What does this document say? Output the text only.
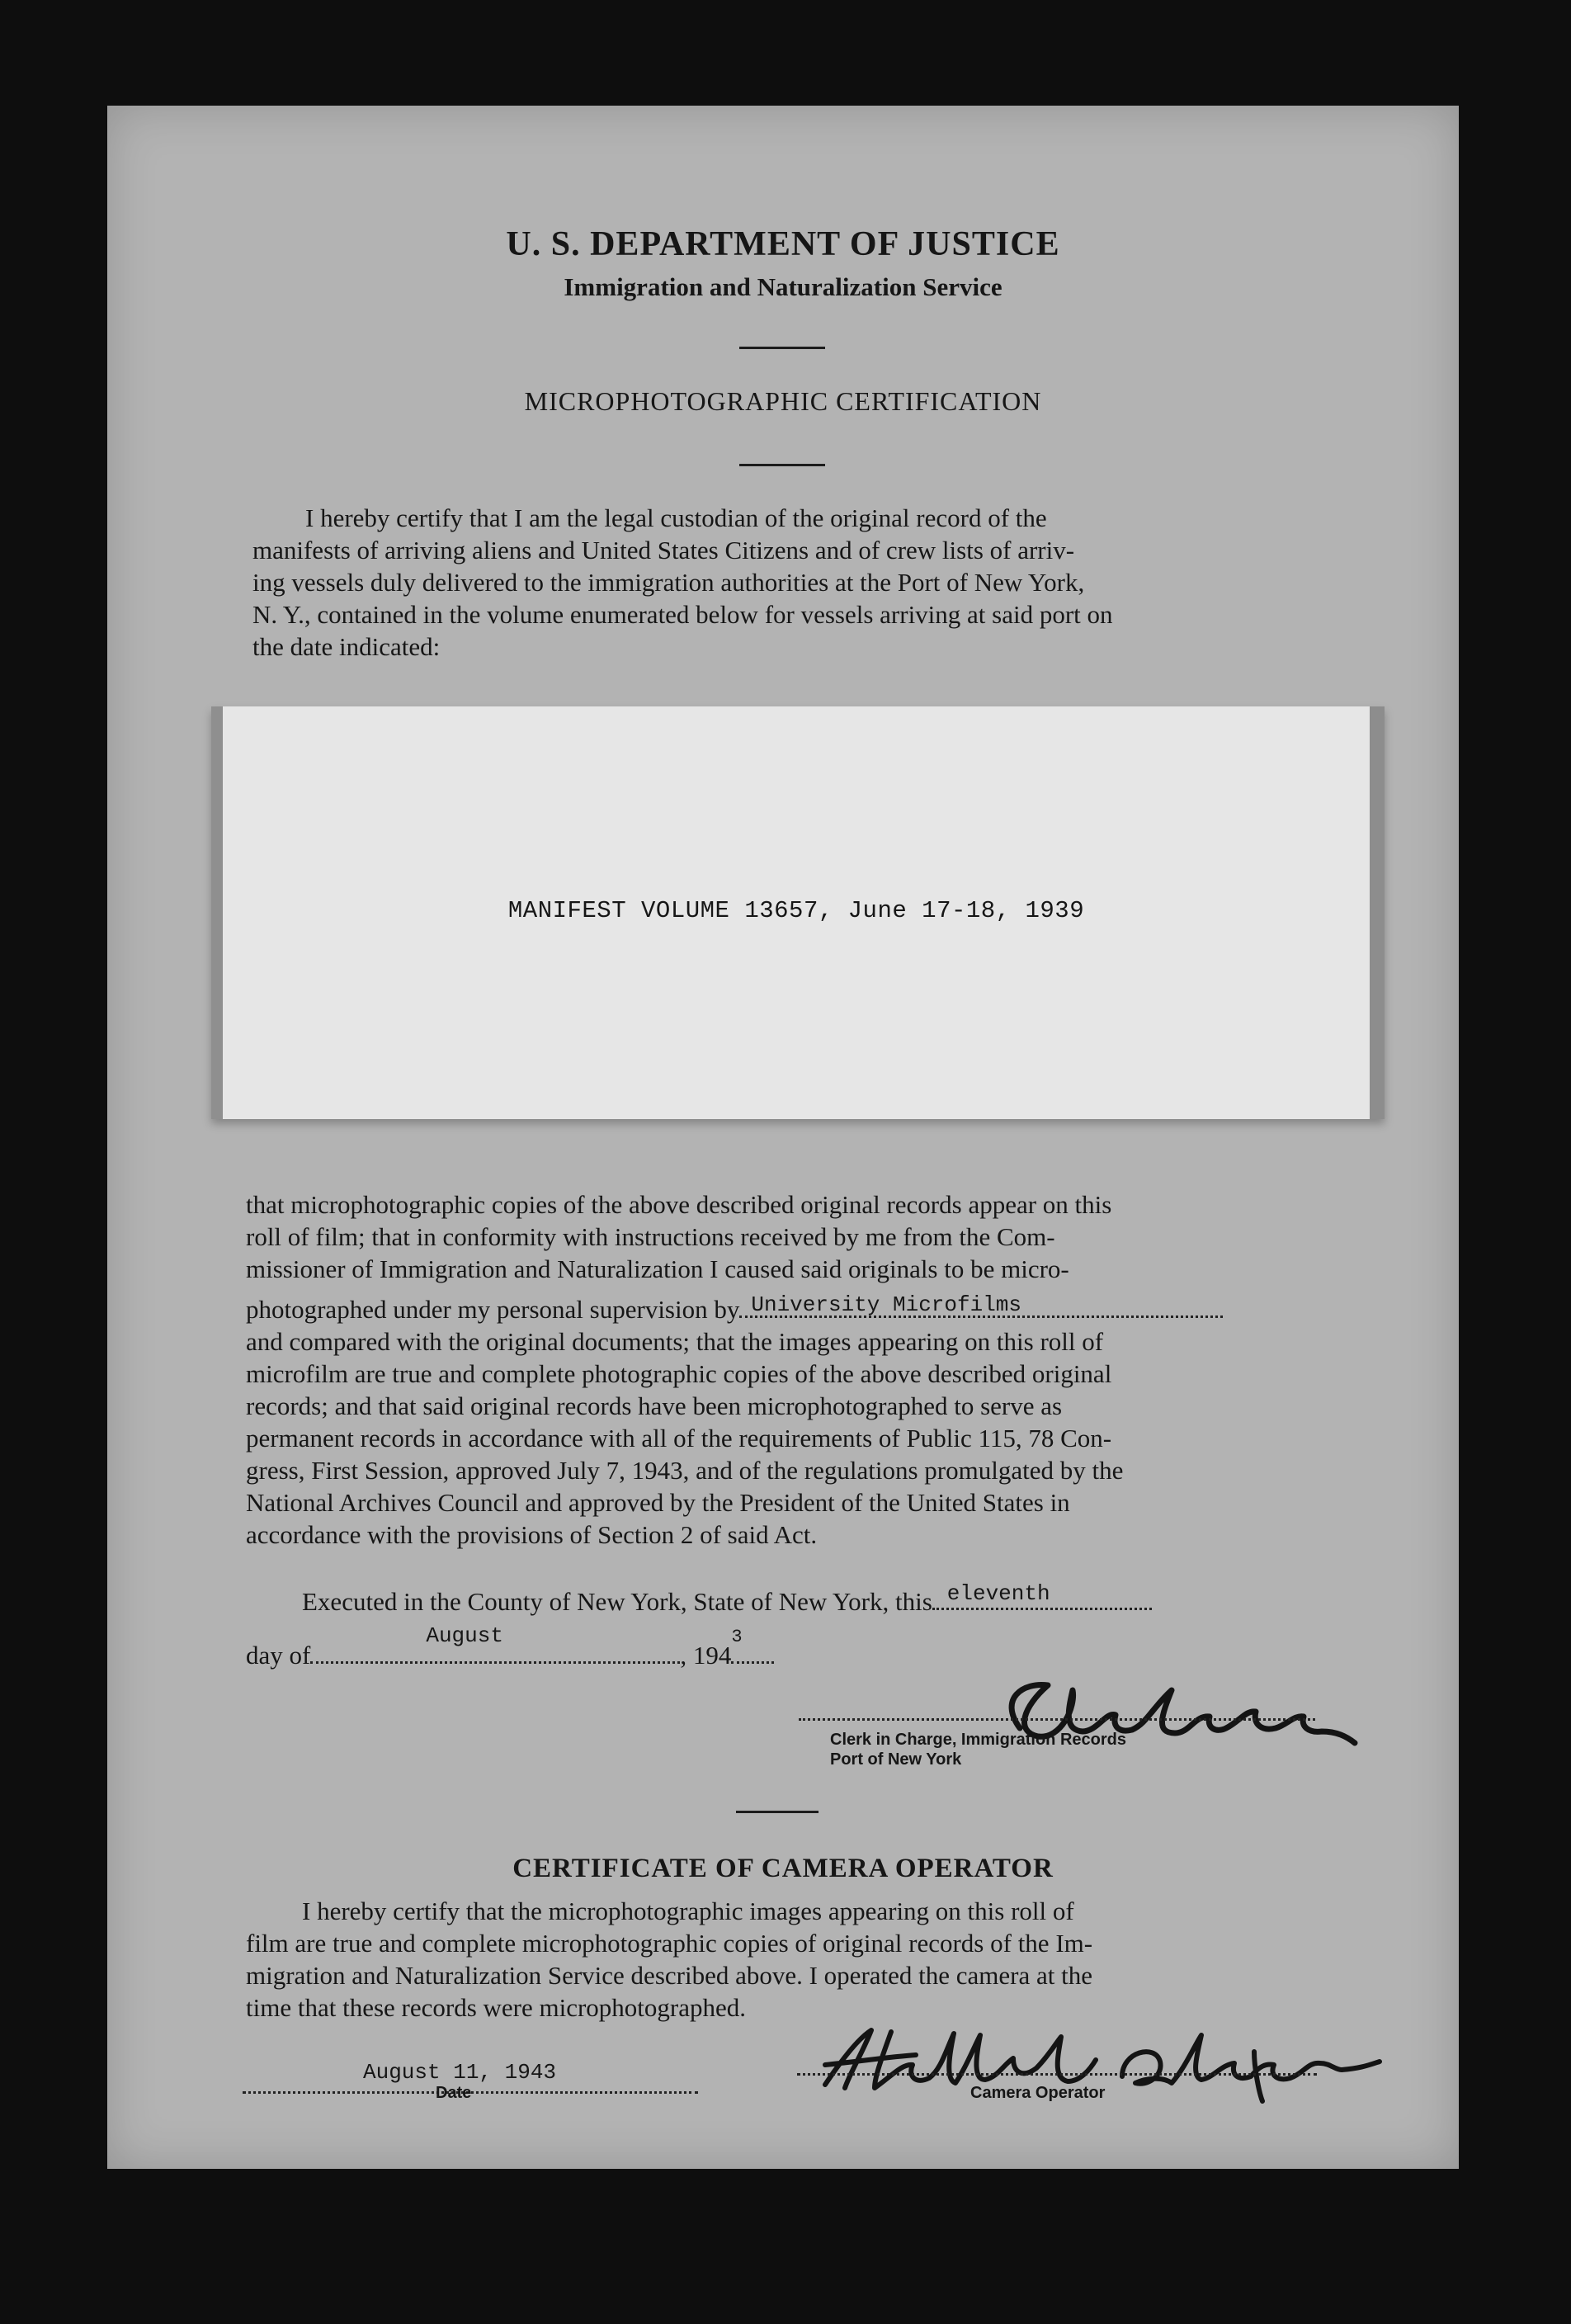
U. S. DEPARTMENT OF JUSTICE
Immigration and Naturalization Service
MICROPHOTOGRAPHIC CERTIFICATION
I hereby certify that I am the legal custodian of the original record of the
manifests of arriving aliens and United States Citizens and of crew lists of arriv-
ing vessels duly delivered to the immigration authorities at the Port of New York,
N. Y., contained in the volume enumerated below for vessels arriving at said port on
the date indicated:
MANIFEST VOLUME 13657, June 17-18, 1939
that microphotographic copies of the above described original records appear on this
roll of film; that in conformity with instructions received by me from the Com-
missioner of Immigration and Naturalization I caused said originals to be micro-
photographed under my personal supervision by University Microfilms
and compared with the original documents; that the images appearing on this roll of
microfilm are true and complete photographic copies of the above described original
records; and that said original records have been microphotographed to serve as
permanent records in accordance with all of the requirements of Public 115, 78 Con-
gress, First Session, approved July 7, 1943, and of the regulations promulgated by the
National Archives Council and approved by the President of the United States in
accordance with the provisions of Section 2 of said Act.
Executed in the County of New York, State of New York, this eleventh
day of
August
, 194
3
Clerk in Charge, Immigration Records
Port of New York
CERTIFICATE OF CAMERA OPERATOR
I hereby certify that the microphotographic images appearing on this roll of
film are true and complete microphotographic copies of original records of the Im-
migration and Naturalization Service described above. I operated the camera at the
time that these records were microphotographed.
August 11, 1943
Date	Camera Operator
